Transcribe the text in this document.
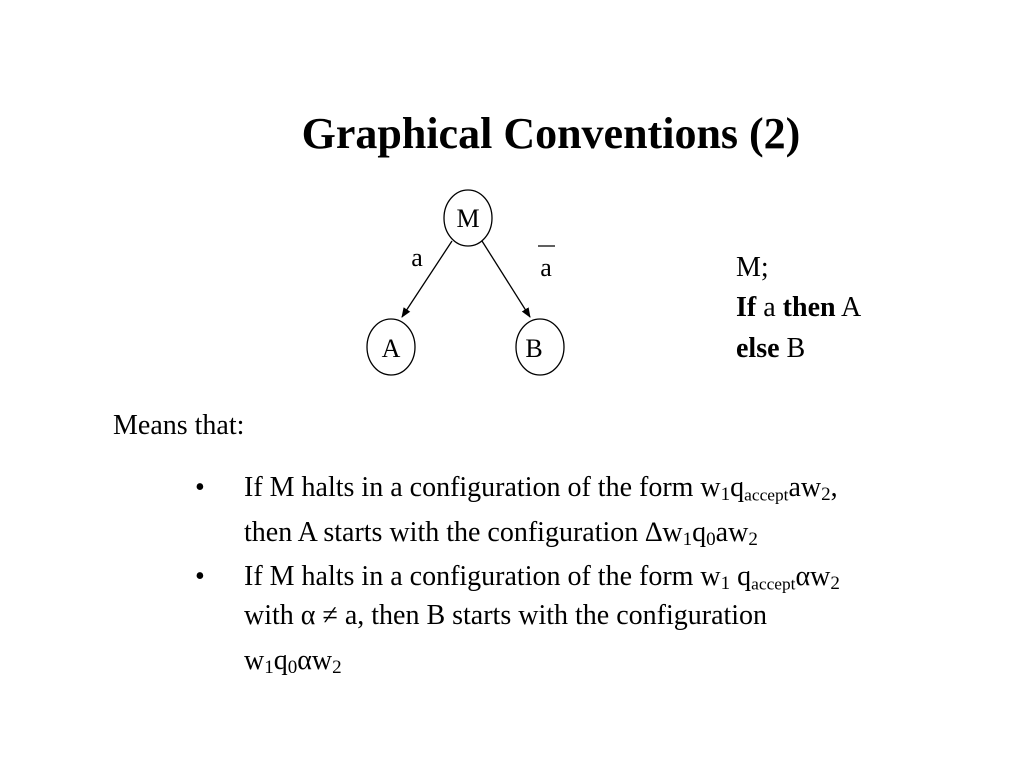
Graphical Conventions (2)
M
A	B
a	a	M;
If a then A
else B
Means that:
• If M halts in a configuration of the form $w_1q_{accept}aw_2$,
then A starts with the configuration $\Delta w_1q_0aw_2$
• If M halts in a configuration of the form $w_1$ $q_{accept}\alpha w_2$
with α ≠ a, then B starts with the configuration
$w_1q_0\alpha w_2$
